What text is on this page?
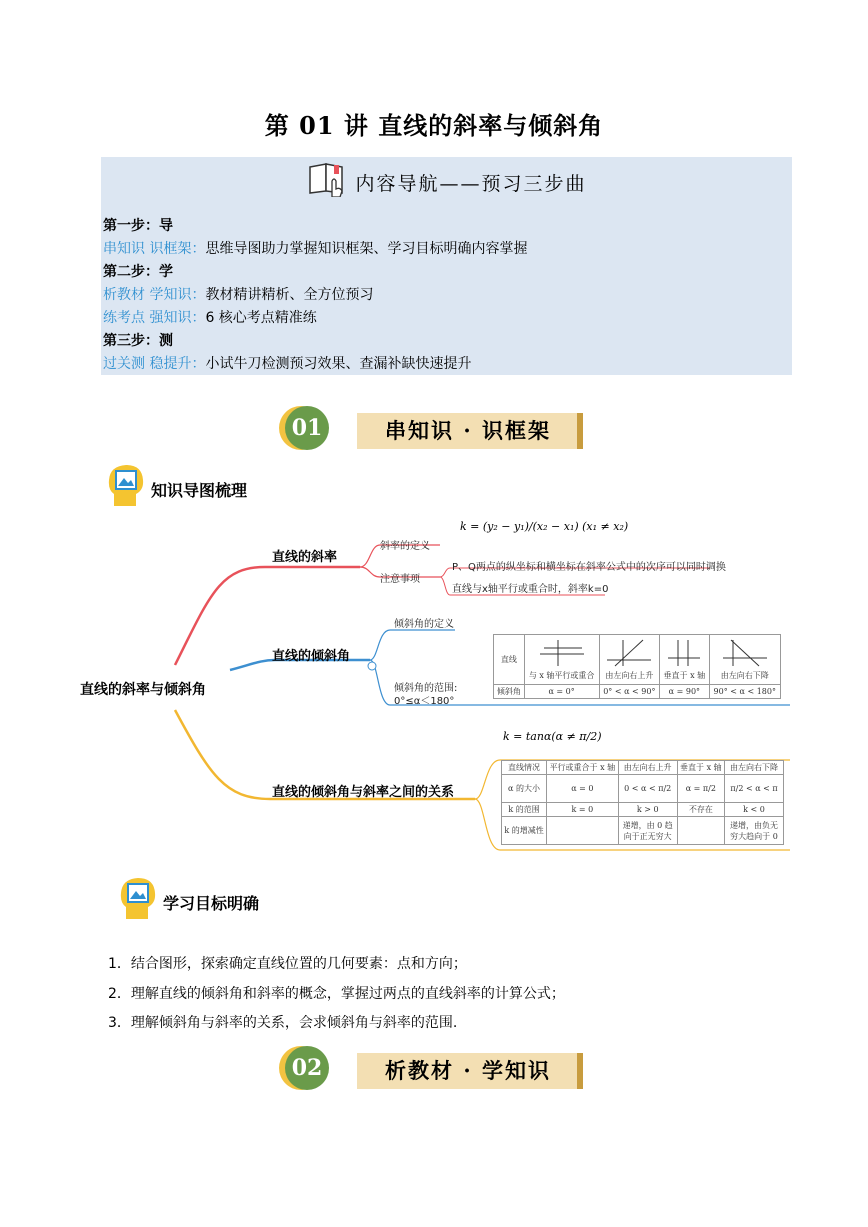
第 01 讲 直线的斜率与倾斜角
内容导航——预习三步曲
第一步：导
串知识 识框架：思维导图助力掌握知识框架、学习目标明确内容掌握
第二步：学
析教材 学知识：教材精讲精析、全方位预习
练考点 强知识：6 核心考点精准练
第三步：测
过关测 稳提升：小试牛刀检测预习效果、查漏补缺快速提升
01	串知识 · 识框架
知识导图梳理
直线的斜率与倾斜角
直线的斜率
斜率的定义
k = (y₂ − y₁)/(x₂ − x₁) (x₁ ≠ x₂)
注意事项
P、Q两点的纵坐标和横坐标在斜率公式中的次序可以同时调换
直线与x轴平行或重合时，斜率k=0
直线的倾斜角
倾斜角的定义
倾斜角的范围:
0°≤α＜180°
直线	与 x 轴平行或重合	由左向右上升	垂直于 x 轴	由左向右下降
倾斜角	α = 0°	0° < α < 90°	α = 90°	90° < α < 180°
直线的倾斜角与斜率之间的关系
k = tanα(α ≠ π/2)
直线情况	平行或重合于 x 轴	由左向右上升	垂直于 x 轴	由左向右下降
α 的大小	α = 0	0 < α < π/2	α = π/2	π/2 < α < π
k 的范围	k = 0	k > 0	不存在	k < 0
k 的增减性		递增，由 0 趋向于正无穷大		递增，由负无穷大趋向于 0
学习目标明确
1．结合图形，探索确定直线位置的几何要素：点和方向；
2．理解直线的倾斜角和斜率的概念，掌握过两点的直线斜率的计算公式；
3．理解倾斜角与斜率的关系，会求倾斜角与斜率的范围.
02	析教材 · 学知识
